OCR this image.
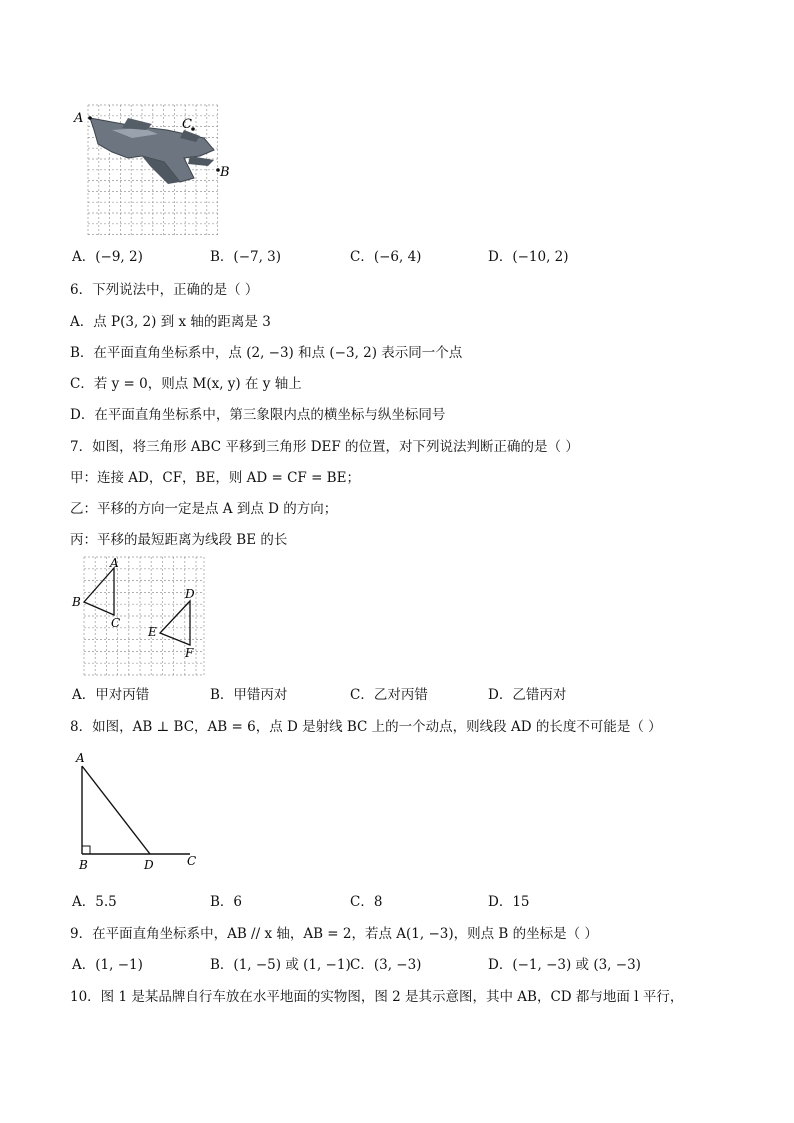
A	C
B
A．(−9, 2)	B．(−7, 3)	C．(−6, 4)	D．(−10, 2)
6．下列说法中，正确的是（ ）
A．点 P(3, 2) 到 x 轴的距离是 3
B．在平面直角坐标系中，点 (2, −3) 和点 (−3, 2) 表示同一个点
C．若 y = 0，则点 M(x, y) 在 y 轴上
D．在平面直角坐标系中，第三象限内点的横坐标与纵坐标同号
7．如图，将三角形 ABC 平移到三角形 DEF 的位置，对下列说法判断正确的是（ ）
甲：连接 AD，CF，BE，则 AD = CF = BE；
乙：平移的方向一定是点 A 到点 D 的方向；
丙：平移的最短距离为线段 BE 的长
A
B
C
D
E
F
A．甲对丙错	B．甲错丙对	C．乙对丙错	D．乙错丙对
8．如图，AB ⊥ BC，AB = 6，点 D 是射线 BC 上的一个动点，则线段 AD 的长度不可能是（ ）
A
B	D	C
A．5.5	B．6	C．8	D．15
9．在平面直角坐标系中，AB // x 轴，AB = 2，若点 A(1, −3)，则点 B 的坐标是（ ）
A．(1, −1)	B．(1, −5) 或 (1, −1) C．(3, −3)	D．(−1, −3) 或 (3, −3)
10．图 1 是某品牌自行车放在水平地面的实物图，图 2 是其示意图，其中 AB，CD 都与地面 l 平行，
